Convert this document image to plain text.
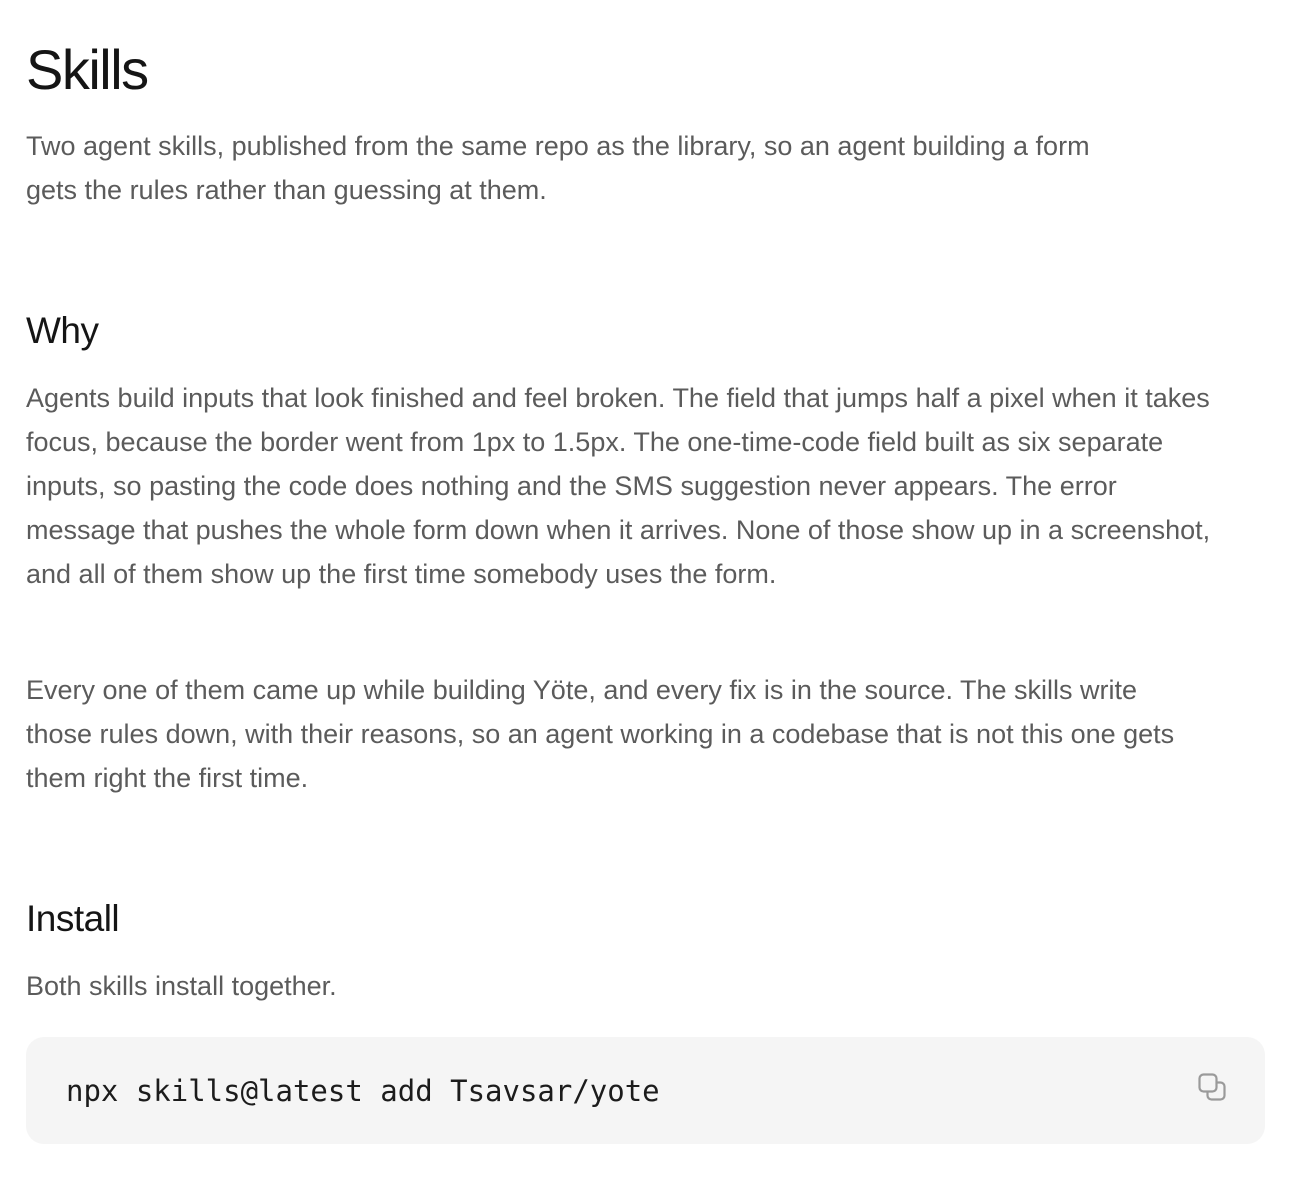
Skills

Two agent skills, published from the same repo as the library, so an agent building a form gets the rules rather than guessing at them.

Why

Agents build inputs that look finished and feel broken. The field that jumps half a pixel when it takes focus, because the border went from 1px to 1.5px. The one-time-code field built as six separate inputs, so pasting the code does nothing and the SMS suggestion never appears. The error message that pushes the whole form down when it arrives. None of those show up in a screenshot, and all of them show up the first time somebody uses the form.

Every one of them came up while building Yöte, and every fix is in the source. The skills write those rules down, with their reasons, so an agent working in a codebase that is not this one gets them right the first time.

Install

Both skills install together.

npx skills@latest add Tsavsar/yote
